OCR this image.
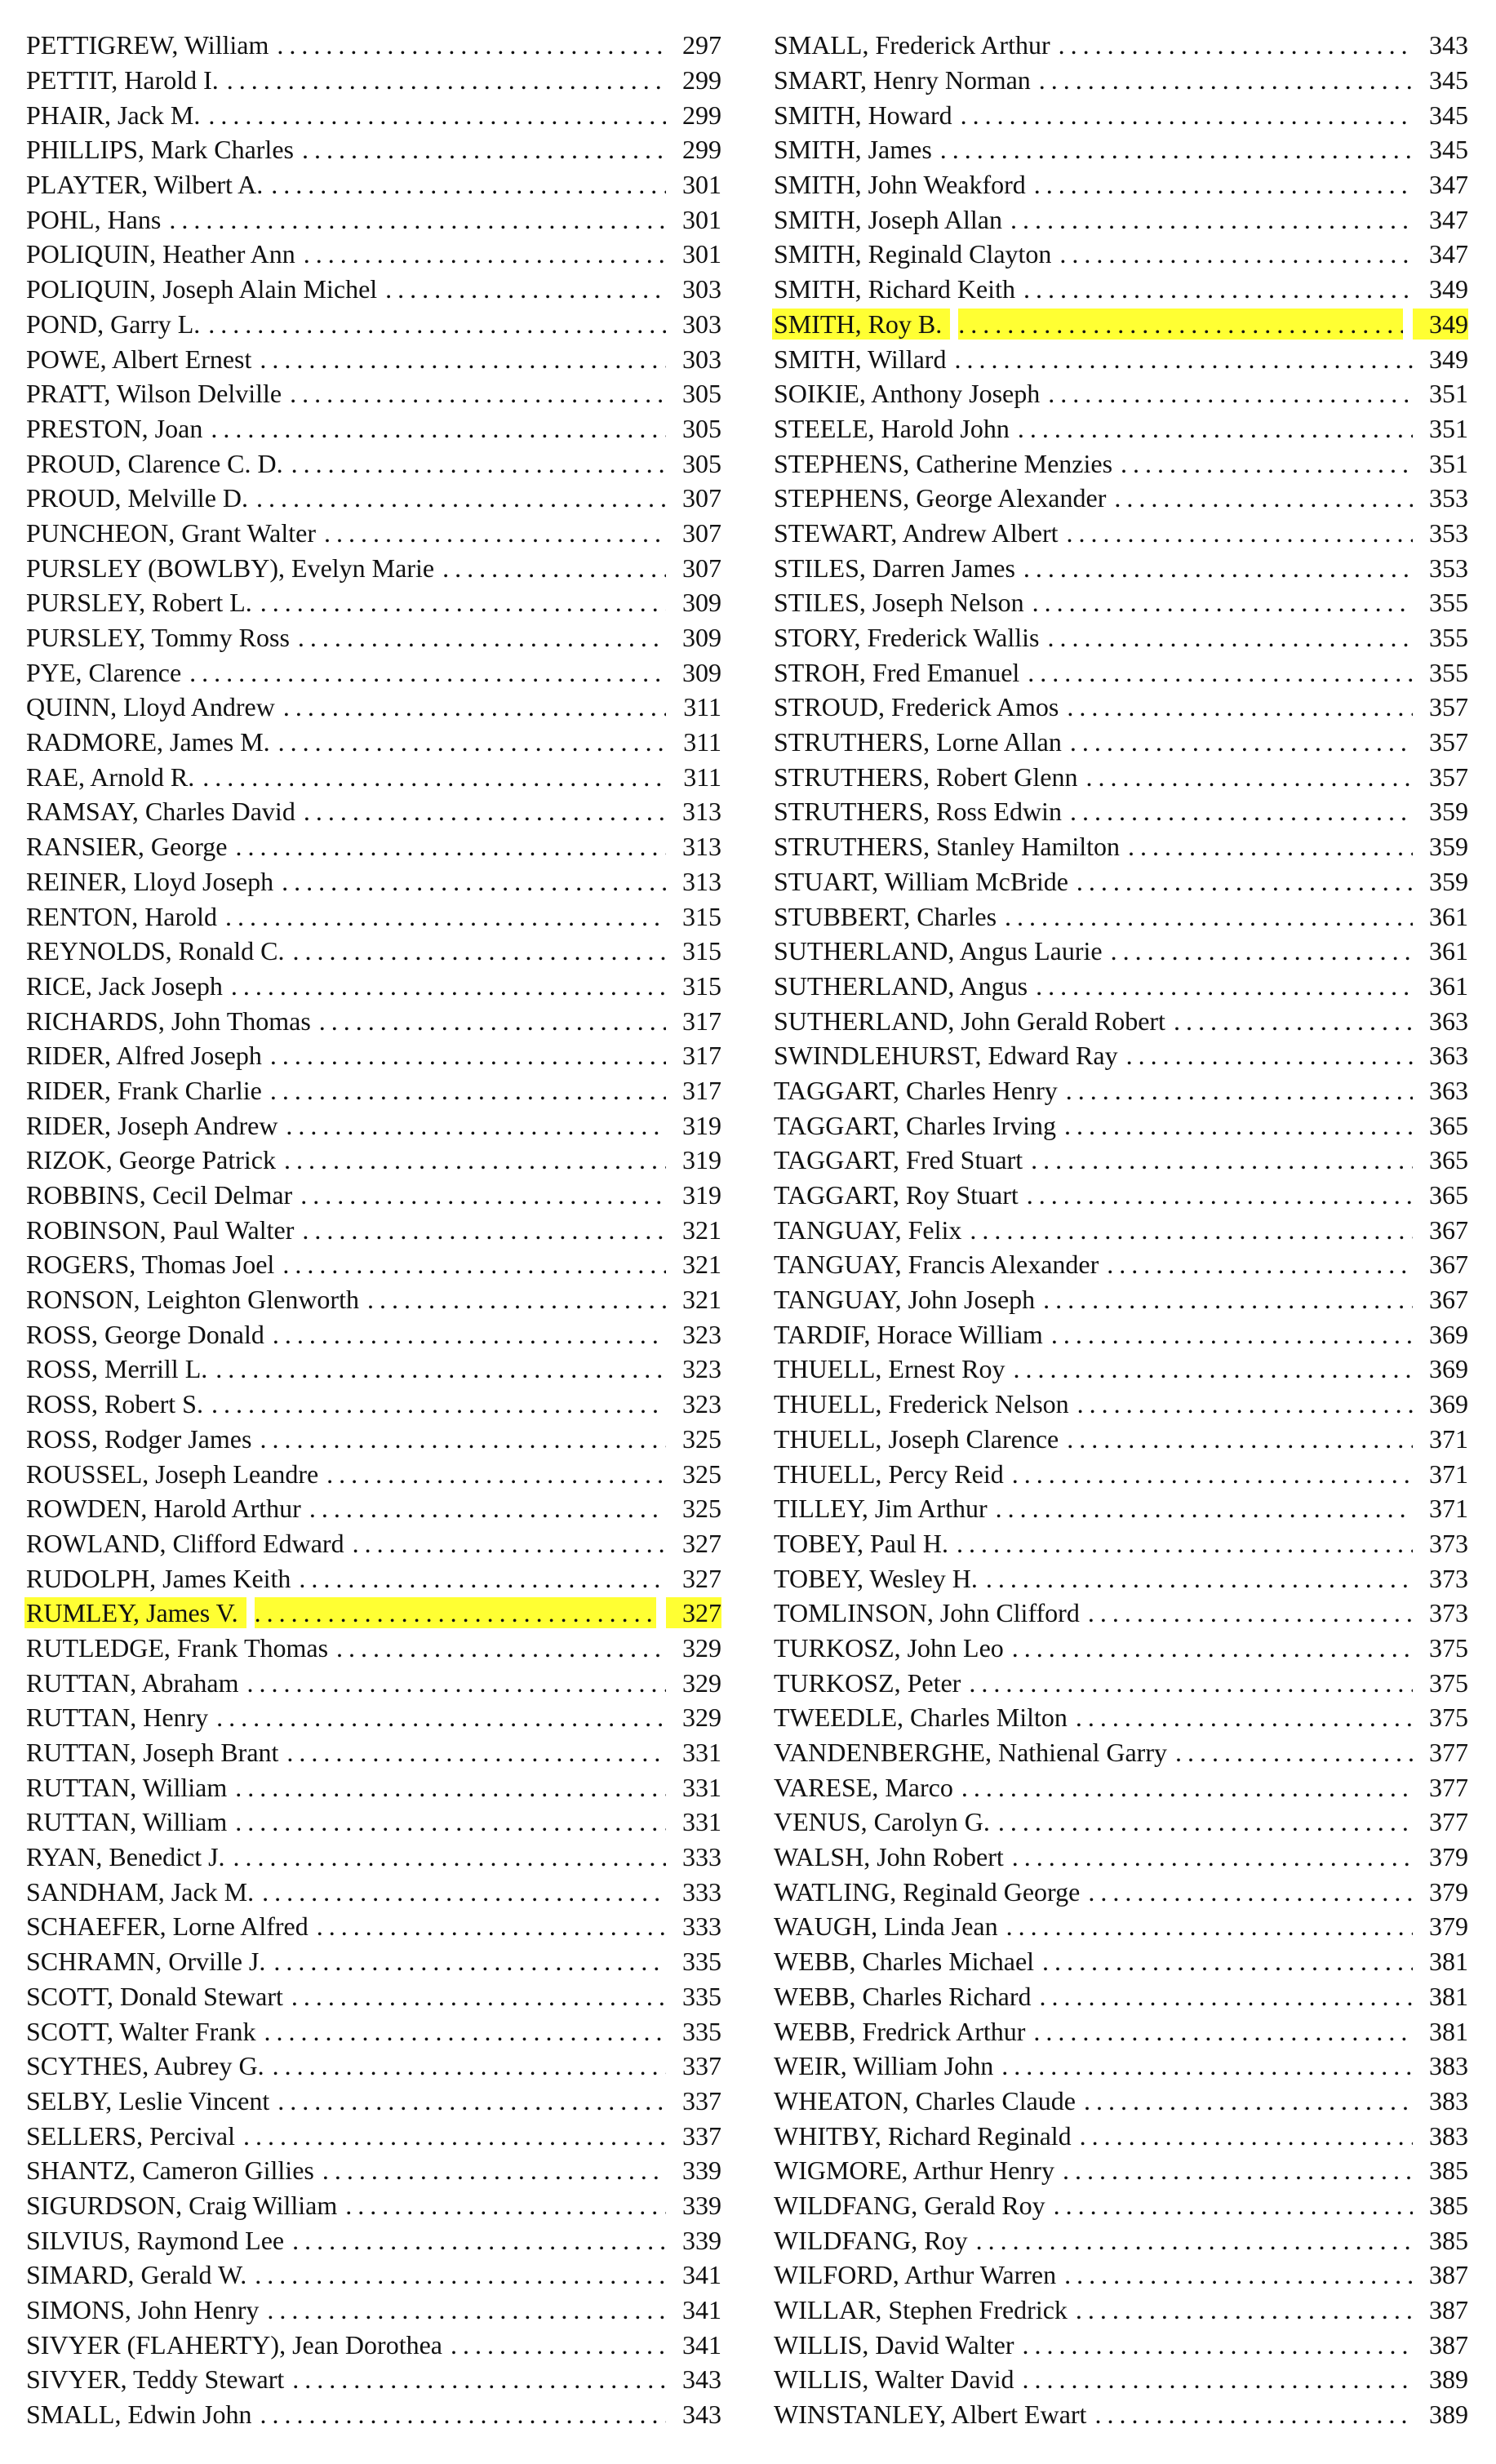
PETTIGREW, William . . .	297
PETTIT, Harold I. . . .	299
PHAIR, Jack M. . . .	299
PHILLIPS, Mark Charles . . .	299
PLAYTER, Wilbert A. . . .	301
POHL, Hans . . .	301
POLIQUIN, Heather Ann . . .	301
POLIQUIN, Joseph Alain Michel . . .	303
POND, Garry L. . . .	303
POWE, Albert Ernest . . .	303
PRATT, Wilson Delville . . .	305
PRESTON, Joan . . .	305
PROUD, Clarence C. D. . . .	305
PROUD, Melville D. . . .	307
PUNCHEON, Grant Walter . . .	307
PURSLEY (BOWLBY), Evelyn Marie . . .	307
PURSLEY, Robert L. . . .	309
PURSLEY, Tommy Ross . . .	309
PYE, Clarence . . .	309
QUINN, Lloyd Andrew . . .	311
RADMORE, James M. . . .	311
RAE, Arnold R. . . .	311
RAMSAY, Charles David . . .	313
RANSIER, George . . .	313
REINER, Lloyd Joseph . . .	313
RENTON, Harold . . .	315
REYNOLDS, Ronald C. . . .	315
RICE, Jack Joseph . . .	315
RICHARDS, John Thomas . . .	317
RIDER, Alfred Joseph . . .	317
RIDER, Frank Charlie . . .	317
RIDER, Joseph Andrew . . .	319
RIZOK, George Patrick . . .	319
ROBBINS, Cecil Delmar . . .	319
ROBINSON, Paul Walter . . .	321
ROGERS, Thomas Joel . . .	321
RONSON, Leighton Glenworth . . .	321
ROSS, George Donald . . .	323
ROSS, Merrill L. . . .	323
ROSS, Robert S. . . .	323
ROSS, Rodger James . . .	325
ROUSSEL, Joseph Leandre . . .	325
ROWDEN, Harold Arthur . . .	325
ROWLAND, Clifford Edward . . .	327
RUDOLPH, James Keith . . .	327
RUMLEY, James V. . . .	327
RUTLEDGE, Frank Thomas . . .	329
RUTTAN, Abraham . . .	329
RUTTAN, Henry . . .	329
RUTTAN, Joseph Brant . . .	331
RUTTAN, William . . .	331
RUTTAN, William . . .	331
RYAN, Benedict J. . . .	333
SANDHAM, Jack M. . . .	333
SCHAEFER, Lorne Alfred . . .	333
SCHRAMN, Orville J. . . .	335
SCOTT, Donald Stewart . . .	335
SCOTT, Walter Frank . . .	335
SCYTHES, Aubrey G. . . .	337
SELBY, Leslie Vincent . . .	337
SELLERS, Percival . . .	337
SHANTZ, Cameron Gillies . . .	339
SIGURDSON, Craig William . . .	339
SILVIUS, Raymond Lee . . .	339
SIMARD, Gerald W. . . .	341
SIMONS, John Henry . . .	341
SIVYER (FLAHERTY), Jean Dorothea . . .	341
SIVYER, Teddy Stewart . . .	343
SMALL, Edwin John . . .	343
SMALL, Frederick Arthur . . .	343
SMART, Henry Norman . . .	345
SMITH, Howard . . .	345
SMITH, James . . .	345
SMITH, John Weakford . . .	347
SMITH, Joseph Allan . . .	347
SMITH, Reginald Clayton . . .	347
SMITH, Richard Keith . . .	349
SMITH, Roy B. . . .	349
SMITH, Willard . . .	349
SOIKIE, Anthony Joseph . . .	351
STEELE, Harold John . . .	351
STEPHENS, Catherine Menzies . . .	351
STEPHENS, George Alexander . . .	353
STEWART, Andrew Albert . . .	353
STILES, Darren James . . .	353
STILES, Joseph Nelson . . .	355
STORY, Frederick Wallis . . .	355
STROH, Fred Emanuel . . .	355
STROUD, Frederick Amos . . .	357
STRUTHERS, Lorne Allan . . .	357
STRUTHERS, Robert Glenn . . .	357
STRUTHERS, Ross Edwin . . .	359
STRUTHERS, Stanley Hamilton . . .	359
STUART, William McBride . . .	359
STUBBERT, Charles . . .	361
SUTHERLAND, Angus Laurie . . .	361
SUTHERLAND, Angus . . .	361
SUTHERLAND, John Gerald Robert . . .	363
SWINDLEHURST, Edward Ray . . .	363
TAGGART, Charles Henry . . .	363
TAGGART, Charles Irving . . .	365
TAGGART, Fred Stuart . . .	365
TAGGART, Roy Stuart . . .	365
TANGUAY, Felix . . .	367
TANGUAY, Francis Alexander . . .	367
TANGUAY, John Joseph . . .	367
TARDIF, Horace William . . .	369
THUELL, Ernest Roy . . .	369
THUELL, Frederick Nelson . . .	369
THUELL, Joseph Clarence . . .	371
THUELL, Percy Reid . . .	371
TILLEY, Jim Arthur . . .	371
TOBEY, Paul H. . . .	373
TOBEY, Wesley H. . . .	373
TOMLINSON, John Clifford . . .	373
TURKOSZ, John Leo . . .	375
TURKOSZ, Peter . . .	375
TWEEDLE, Charles Milton . . .	375
VANDENBERGHE, Nathienal Garry . . .	377
VARESE, Marco . . .	377
VENUS, Carolyn G. . . .	377
WALSH, John Robert . . .	379
WATLING, Reginald George . . .	379
WAUGH, Linda Jean . . .	379
WEBB, Charles Michael . . .	381
WEBB, Charles Richard . . .	381
WEBB, Fredrick Arthur . . .	381
WEIR, William John . . .	383
WHEATON, Charles Claude . . .	383
WHITBY, Richard Reginald . . .	383
WIGMORE, Arthur Henry . . .	385
WILDFANG, Gerald Roy . . .	385
WILDFANG, Roy . . .	385
WILFORD, Arthur Warren . . .	387
WILLAR, Stephen Fredrick . . .	387
WILLIS, David Walter . . .	387
WILLIS, Walter David . . .	389
WINSTANLEY, Albert Ewart . . .	389
